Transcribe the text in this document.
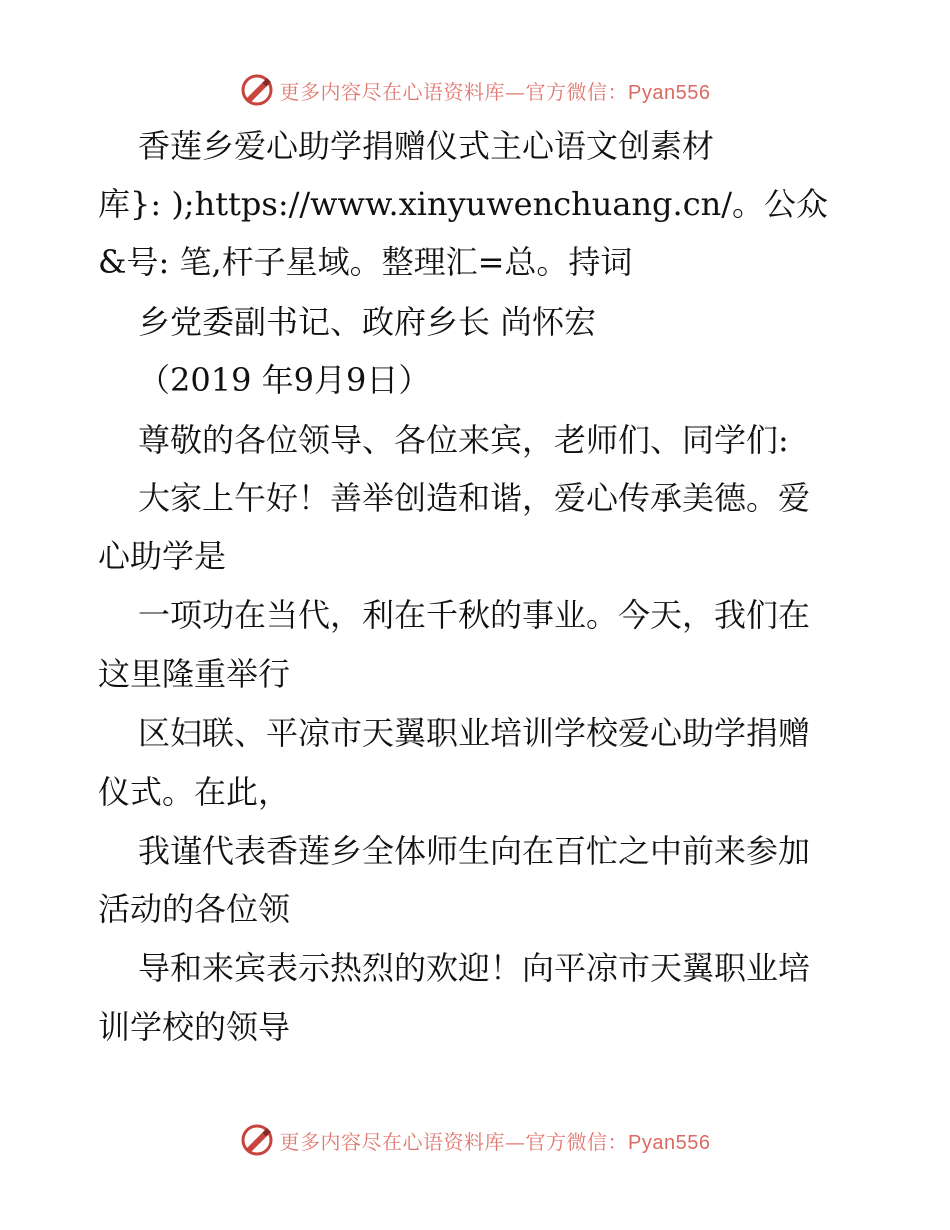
更多内容尽在心语资料库—官方微信：Pyan556
香莲乡爱心助学捐赠仪式主心语文创素材
库}: );https://www.xinyuwenchuang.cn/。公众
&号: 笔,杆子星域。整理汇=总。持词
乡党委副书记、政府乡长 尚怀宏
（2019 年9月9日）
尊敬的各位领导、各位来宾，老师们、同学们:
大家上午好！善举创造和谐，爱心传承美德。爱
心助学是
一项功在当代，利在千秋的事业。今天，我们在
这里隆重举行
区妇联、平凉市天翼职业培训学校爱心助学捐赠
仪式。在此，
我谨代表香莲乡全体师生向在百忙之中前来参加
活动的各位领
导和来宾表示热烈的欢迎！向平凉市天翼职业培
训学校的领导
更多内容尽在心语资料库—官方微信：Pyan556
